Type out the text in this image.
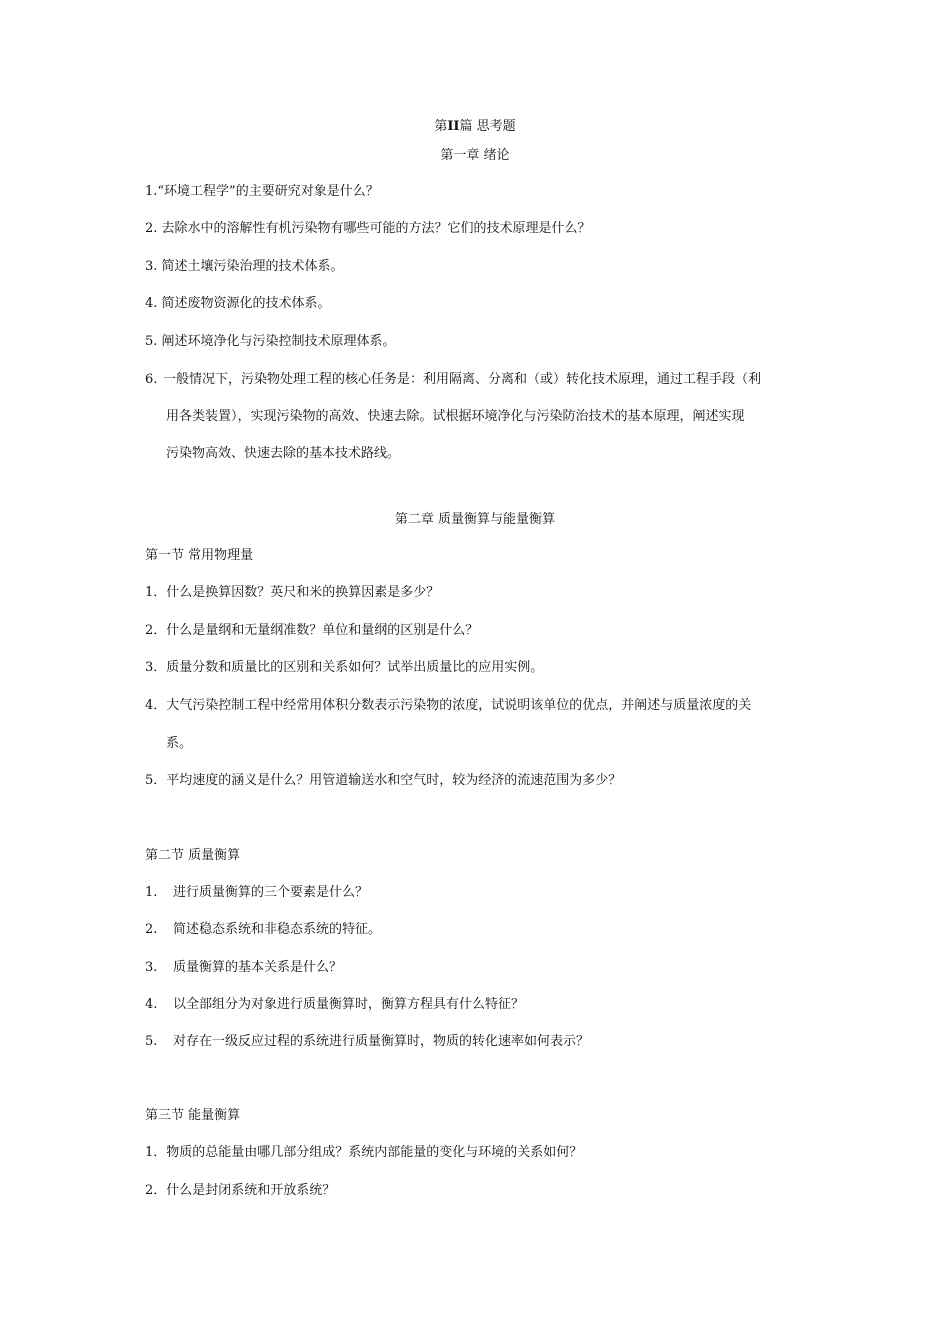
第II篇 思考题
第一章 绪论
1.“环境工程学”的主要研究对象是什么？
2. 去除水中的溶解性有机污染物有哪些可能的方法？它们的技术原理是什么？
3. 简述土壤污染治理的技术体系。
4. 简述废物资源化的技术体系。
5. 阐述环境净化与污染控制技术原理体系。
6. 一般情况下，污染物处理工程的核心任务是：利用隔离、分离和（或）转化技术原理，通过工程手段（利
用各类装置），实现污染物的高效、快速去除。试根据环境净化与污染防治技术的基本原理，阐述实现
污染物高效、快速去除的基本技术路线。
第二章 质量衡算与能量衡算
第一节 常用物理量
1．什么是换算因数？英尺和米的换算因素是多少？
2．什么是量纲和无量纲准数？单位和量纲的区别是什么？
3．质量分数和质量比的区别和关系如何？试举出质量比的应用实例。
4．大气污染控制工程中经常用体积分数表示污染物的浓度，试说明该单位的优点，并阐述与质量浓度的关
系。
5．平均速度的涵义是什么？用管道输送水和空气时，较为经济的流速范围为多少？
第二节 质量衡算
1. 进行质量衡算的三个要素是什么？
2. 简述稳态系统和非稳态系统的特征。
3. 质量衡算的基本关系是什么？
4. 以全部组分为对象进行质量衡算时，衡算方程具有什么特征？
5. 对存在一级反应过程的系统进行质量衡算时，物质的转化速率如何表示？
第三节 能量衡算
1．物质的总能量由哪几部分组成？系统内部能量的变化与环境的关系如何？
2．什么是封闭系统和开放系统？
